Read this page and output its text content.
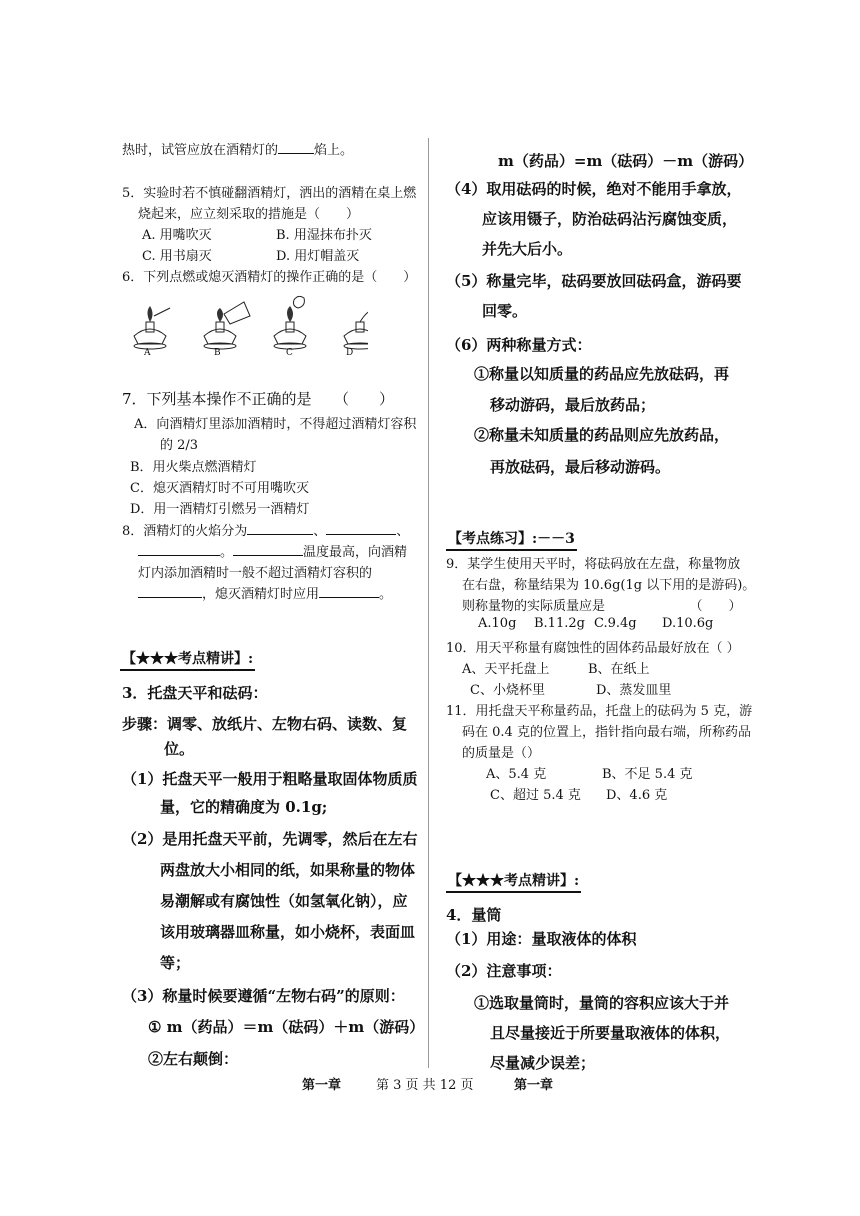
热时，试管应放在酒精灯的	焰上。
5．实验时若不慎碰翻酒精灯，洒出的酒精在桌上燃
烧起来，应立刻采取的措施是（　　）
A. 用嘴吹灭	B. 用湿抹布扑灭
C. 用书扇灭	D. 用灯帽盖灭
6．下列点燃或熄灭酒精灯的操作正确的是（　　）
A	B	C	D
7．下列基本操作不正确的是　　（　　）
A．向酒精灯里添加酒精时，不得超过酒精灯容积
的 2/3
B．用火柴点燃酒精灯
C．熄灭酒精灯时不可用嘴吹灭
D．用一酒精灯引燃另一酒精灯
8．酒精灯的火焰分为	、	、
。	温度最高，向酒精
灯内添加酒精时一般不超过酒精灯容积的
，熄灭酒精灯时应用	。
【★★★考点精讲】:
3．托盘天平和砝码：
步骤：调零、放纸片、左物右码、读数、复
位。
（1）托盘天平一般用于粗略量取固体物质质
量，它的精确度为 0.1g;
（2）是用托盘天平前，先调零，然后在左右
两盘放大小相同的纸，如果称量的物体
易潮解或有腐蚀性（如氢氧化钠），应
该用玻璃器皿称量，如小烧杯，表面皿
等；
（3）称量时候要遵循“左物右码”的原则：
① m（药品）＝m（砝码）＋m（游码）
②左右颠倒：
m（药品）=m（砝码）－m（游码）
（4）取用砝码的时候，绝对不能用手拿放，
应该用镊子，防治砝码沾污腐蚀变质，
并先大后小。
（5）称量完毕，砝码要放回砝码盒，游码要
回零。
（6）两种称量方式：
①称量以知质量的药品应先放砝码，再
移动游码，最后放药品；
②称量未知质量的药品则应先放药品，
再放砝码，最后移动游码。
【考点练习】:－－3
9．某学生使用天平时，将砝码放在左盘，称量物放
在右盘，称量结果为 10.6g(1g 以下用的是游码)。
则称量物的实际质量应是　　　　　　　（　　）
A.10g B.11.2g C.9.4g D.10.6g
10．用天平称量有腐蚀性的固体药品最好放在（ ）
A、天平托盘上	B、在纸上
C、小烧杯里	D、蒸发皿里
11．用托盘天平称量药品，托盘上的砝码为 5 克，游
码在 0.4 克的位置上，指针指向最右端，所称药品
的质量是（）
A、5.4 克	B、不足 5.4 克
C、超过 5.4 克 D、4.6 克
【★★★考点精讲】:
4．量筒
（1）用途：量取液体的体积
（2）注意事项：
①选取量筒时，量筒的容积应该大于并
且尽量接近于所要量取液体的体积，
尽量减少误差；
第一章	第 3 页 共 12 页	第一章
